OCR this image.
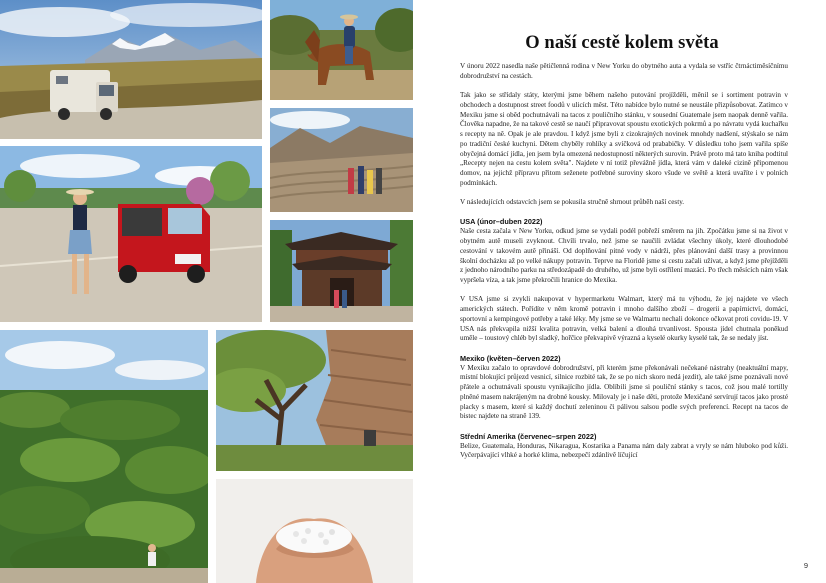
O naší cestě kolem světa

V únoru 2022 nasedla naše pětičlenná rodina v New Yorku do obytného auta a vydala se vstříc čtrnáctiměsíčnímu dobrodružství na cestách.

Tak jako se střídaly státy, kterými jsme během našeho putování projížděli, měnil se i sortiment potravin v obchodech a dostupnost street foodů v ulicích měst. Této nabídce bylo nutné se neustále přizpůsobovat. Zatímco v Mexiku jsme si oběd pochutnávali na tacos z pouličního stánku, v sousední Guatemale jsem naopak denně vařila. Člověka napadne, že na takové cestě se naučí připravovat spoustu exotických pokrmů a po návratu vydá kuchařku s recepty na ně. Opak je ale pravdou. I když jsme byli z cizokrajných novinek mnohdy nadšení, stýskalo se nám po tradiční české kuchyni. Dětem chyběly rohlíky a svíčková od prababičky. V důsledku toho jsem vařila spíše obyčejná domácí jídla, jen jsem byla omezená nedostupností některých surovin. Právě proto má tato kniha podtitul „Recepty nejen na cestu kolem světa". Najdete v ní totiž převážně jídla, která vám v daleké cizině připomenou domov, na jejichž přípravu přitom seženete potřebné suroviny skoro všude ve světě a která uvaříte i v polních podmínkách.

V následujících odstavcích jsem se pokusila stručně shrnout průběh naší cesty.

USA (únor–duben 2022)

Naše cesta začala v New Yorku, odkud jsme se vydali podél pobřeží směrem na jih. Zpočátku jsme si na život v obytném autě museli zvyknout. Chvíli trvalo, než jsme se naučili zvládat všechny úkoly, které dlouhodobé cestování v takovém autě přináší. Od doplňování pitné vody v nádrži, přes plánování další trasy a provinnou školní docházku až po velké nákupy potravin. Teprve na Floridě jsme si cestu začali užívat, a když jsme přejížděli z jednoho národního parku na středozápadě do druhého, už jsme byli ostřílení mazáci. Po třech měsících nám však vypršela víza, a tak jsme překročili hranice do Mexika.

V USA jsme si zvykli nakupovat v hypermarketu Walmart, který má tu výhodu, že jej najdete ve všech amerických státech. Pořídíte v něm kromě potravin i mnoho dalšího zboží – drogerii a papírnictví, domácí, sportovní a kempingové potřeby a také léky. My jsme se ve Walmartu nechali dokonce očkovat proti covidu-19. V USA nás překvapila nižší kvalita potravin, velká balení a dlouhá trvanlivost. Spousta jídel chutnala poněkud uměle – toustový chléb byl sladký, hořčice překvapivě výrazná a kyselé okurky kyselé tak, že se nedaly jíst.

Mexiko (květen–červen 2022)

V Mexiku začalo to opravdové dobrodružství, při kterém jsme překonávali nečekané nástrahy (neaktuální mapy, místní blokující průjezd vesnicí, silnice rozbité tak, že se po nich skoro nedá jezdit), ale také jsme poznávali nové přátele a ochutnávali spoustu vynikajícího jídla. Oblíbili jsme si pouliční stánky s tacos, což jsou malé tortilly plněné masem nakrájeným na drobné kousky. Milovaly je i naše děti, protože Mexičané servírují tacos jako prosté placky s masem, které si každý dochutí zeleninou či pálivou salsou podle svých preferencí. Recept na tacos de bistec najdete na straně 139.

Střední Amerika (červenec–srpen 2022)

Belize, Guatemala, Honduras, Nikaragua, Kostarika a Panama nám daly zabrat a vryly se nám hluboko pod kůži. Vyčerpávající vlhké a horké klima, nebezpečí zdánlivě líčující

9
